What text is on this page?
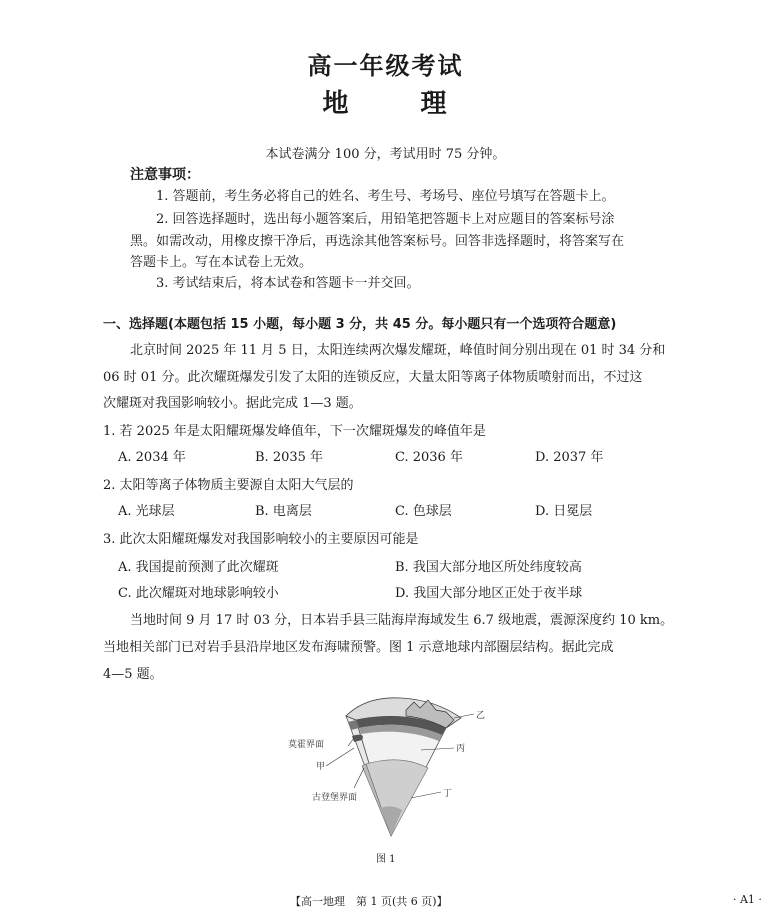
高一年级考试
地	理
本试卷满分 100 分，考试用时 75 分钟。
注意事项：
1. 答题前，考生务必将自己的姓名、考生号、考场号、座位号填写在答题卡上。
2. 回答选择题时，选出每小题答案后，用铅笔把答题卡上对应题目的答案标号涂
黑。如需改动，用橡皮擦干净后，再选涂其他答案标号。回答非选择题时，将答案写在
答题卡上。写在本试卷上无效。
3. 考试结束后，将本试卷和答题卡一并交回。
一、选择题(本题包括 15 小题，每小题 3 分，共 45 分。每小题只有一个选项符合题意)
北京时间 2025 年 11 月 5 日，太阳连续两次爆发耀斑，峰值时间分别出现在 01 时 34 分和
06 时 01 分。此次耀斑爆发引发了太阳的连锁反应，大量太阳等离子体物质喷射而出，不过这
次耀斑对我国影响较小。据此完成 1—3 题。
1. 若 2025 年是太阳耀斑爆发峰值年，下一次耀斑爆发的峰值年是
A. 2034 年	B. 2035 年	C. 2036 年	D. 2037 年
2. 太阳等离子体物质主要源自太阳大气层的
A. 光球层	B. 电离层	C. 色球层	D. 日冕层
3. 此次太阳耀斑爆发对我国影响较小的主要原因可能是
A. 我国提前预测了此次耀斑	B. 我国大部分地区所处纬度较高
C. 此次耀斑对地球影响较小	D. 我国大部分地区正处于夜半球
当地时间 9 月 17 时 03 分，日本岩手县三陆海岸海域发生 6.7 级地震，震源深度约 10 km。
当地相关部门已对岩手县沿岸地区发布海啸预警。图 1 示意地球内部圈层结构。据此完成
4—5 题。
莫霍界面
甲
古登堡界面
乙
丙
丁
图 1
【高一地理　第 1 页(共 6 页)】	· A1 ·
